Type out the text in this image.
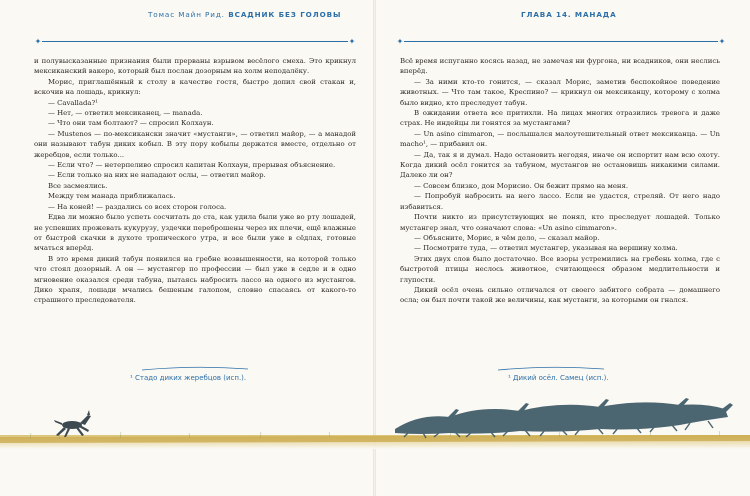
Томас Майн Рид. ВСАДНИК БЕЗ ГОЛОВЫ
✦	✦

и полувысказанные признания были прерваны взрывом весёлого смеха. Это крикнул мексиканский вакеро, который был послан дозорным на холм неподалёку.

Морис, приглашённый к столу в качестве гостя, быстро допил свой стакан и, вскочив на лошадь, крикнул:

— Cavallada?¹

— Нет, — ответил мексиканец, — manada.

— Что они там болтают? — спросил Колхаун.

— Mustenos — по-мексикански значит «мустанги», — ответил майор, — а манадой они называют табун диких кобыл. В эту пору кобылы держатся вместе, отдельно от жеребцов, если только...

— Если что? — нетерпеливо спросил капитан Колхаун, прерывая объяснение.

— Если только на них не нападают ослы, — ответил майор.

Все засмеялись.

Между тем манада приближалась.

— На коней! — раздались со всех сторон голоса.

Едва ли можно было успеть сосчитать до ста, как удила были уже во рту лошадей, не успевших прожевать кукурузу, уздечки переброшены через их плечи, ещё влажные от быстрой скачки в духоте тропического утра, и все были уже в сёдлах, готовые мчаться вперёд.

В это время дикий табун появился на гребне возвышенности, на которой только что стоял дозорный. А он — мустангер по профессии — был уже в седле и в одно мгновение оказался среди табуна, пытаясь набросить лассо на одного из мустангов. Дико храпя, лошади мчались бешеным галопом, словно спасаясь от какого-то страшного преследователя.

¹ Стадо диких жеребцов (исп.).
ГЛАВА 14. МАНАДА
✦	✦

Всё время испуганно косясь назад, не замечая ни фургона, ни всадников, они неслись вперёд.

— За ними кто-то гонится, — сказал Морис, заметив беспокойное поведение животных. — Что там такое, Креспино? — крикнул он мексиканцу, которому с холма было видно, кто преследует табун.

В ожидании ответа все притихли. На лицах многих отразились тревога и даже страх. Не индейцы ли гонятся за мустангами?

— Un asino cimmaron, — послышался малоутешительный ответ мексиканца. — Un macho¹, — прибавил он.

— Да, так я и думал. Надо остановить негодяя, иначе он испортит нам всю охоту. Когда дикий осёл гонится за табуном, мустангов не остановишь никакими силами. Далеко ли он?

— Совсем близко, дон Морисио. Он бежит прямо на меня.

— Попробуй набросить на него лассо. Если не удастся, стреляй. От него надо избавиться.

Почти никто из присутствующих не понял, кто преследует лошадей. Только мустангер знал, что означают слова: «Un asino cimmaron».

— Объясните, Морис, в чём дело, — сказал майор.

— Посмотрите туда, — ответил мустангер, указывая на вершину холма.

Этих двух слов было достаточно. Все взоры устремились на гребень холма, где с быстротой птицы неслось животное, считающееся образом медлительности и глупости.

Дикий осёл очень сильно отличался от своего забитого собрата — домашнего осла; он был почти такой же величины, как мустанги, за которыми он гнался.

¹ Дикий осёл. Самец (исп.).
